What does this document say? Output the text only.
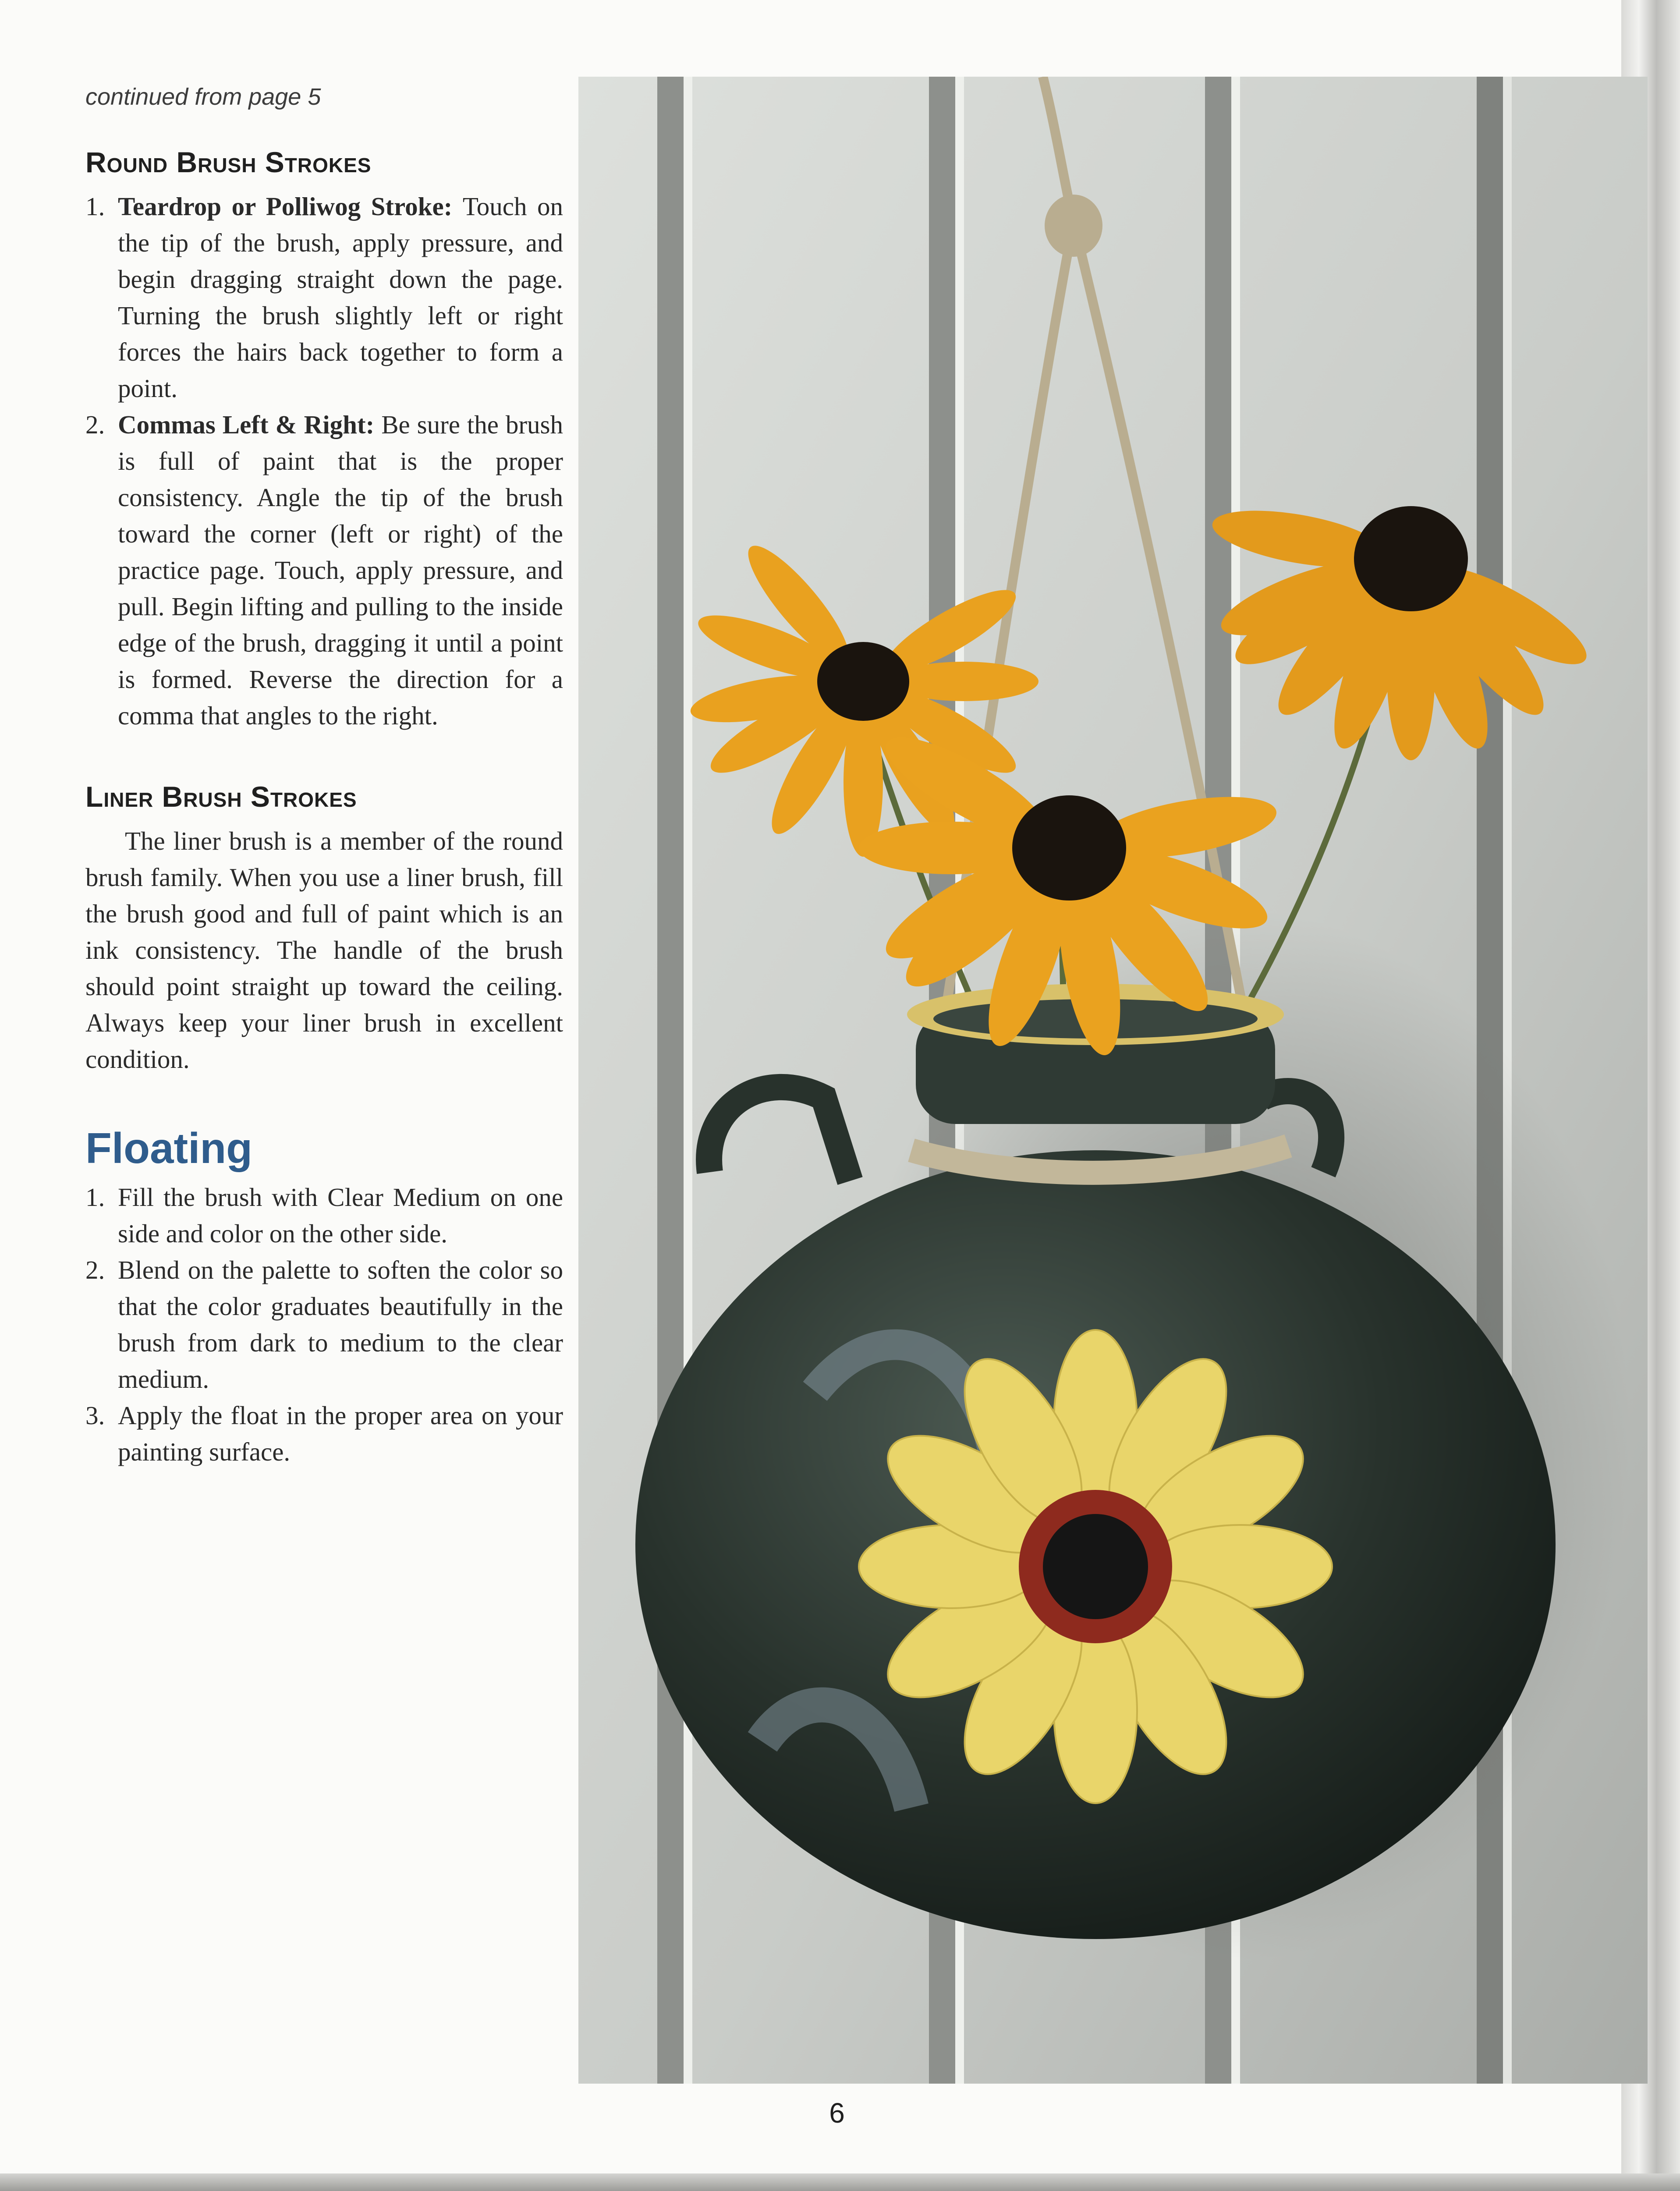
continued from page 5

Round Brush Strokes
1. Teardrop or Polliwog Stroke: Touch on the tip of the brush, apply pressure, and begin dragging straight down the page. Turning the brush slightly left or right forces the hairs back together to form a point.
2. Commas Left & Right: Be sure the brush is full of paint that is the proper consistency. Angle the tip of the brush toward the corner (left or right) of the practice page. Touch, apply pressure, and pull. Begin lifting and pulling to the inside edge of the brush, dragging it until a point is formed. Reverse the direction for a comma that angles to the right.
Liner Brush Strokes

The liner brush is a member of the round brush family. When you use a liner brush, fill the brush good and full of paint which is an ink consistency. The handle of the brush should point straight up toward the ceiling. Always keep your liner brush in excellent condition.

Floating
1. Fill the brush with Clear Medium on one side and color on the other side.
2. Blend on the palette to soften the color so that the color graduates beautifully in the brush from dark to medium to the clear medium.
3. Apply the float in the proper area on your painting surface.
6
